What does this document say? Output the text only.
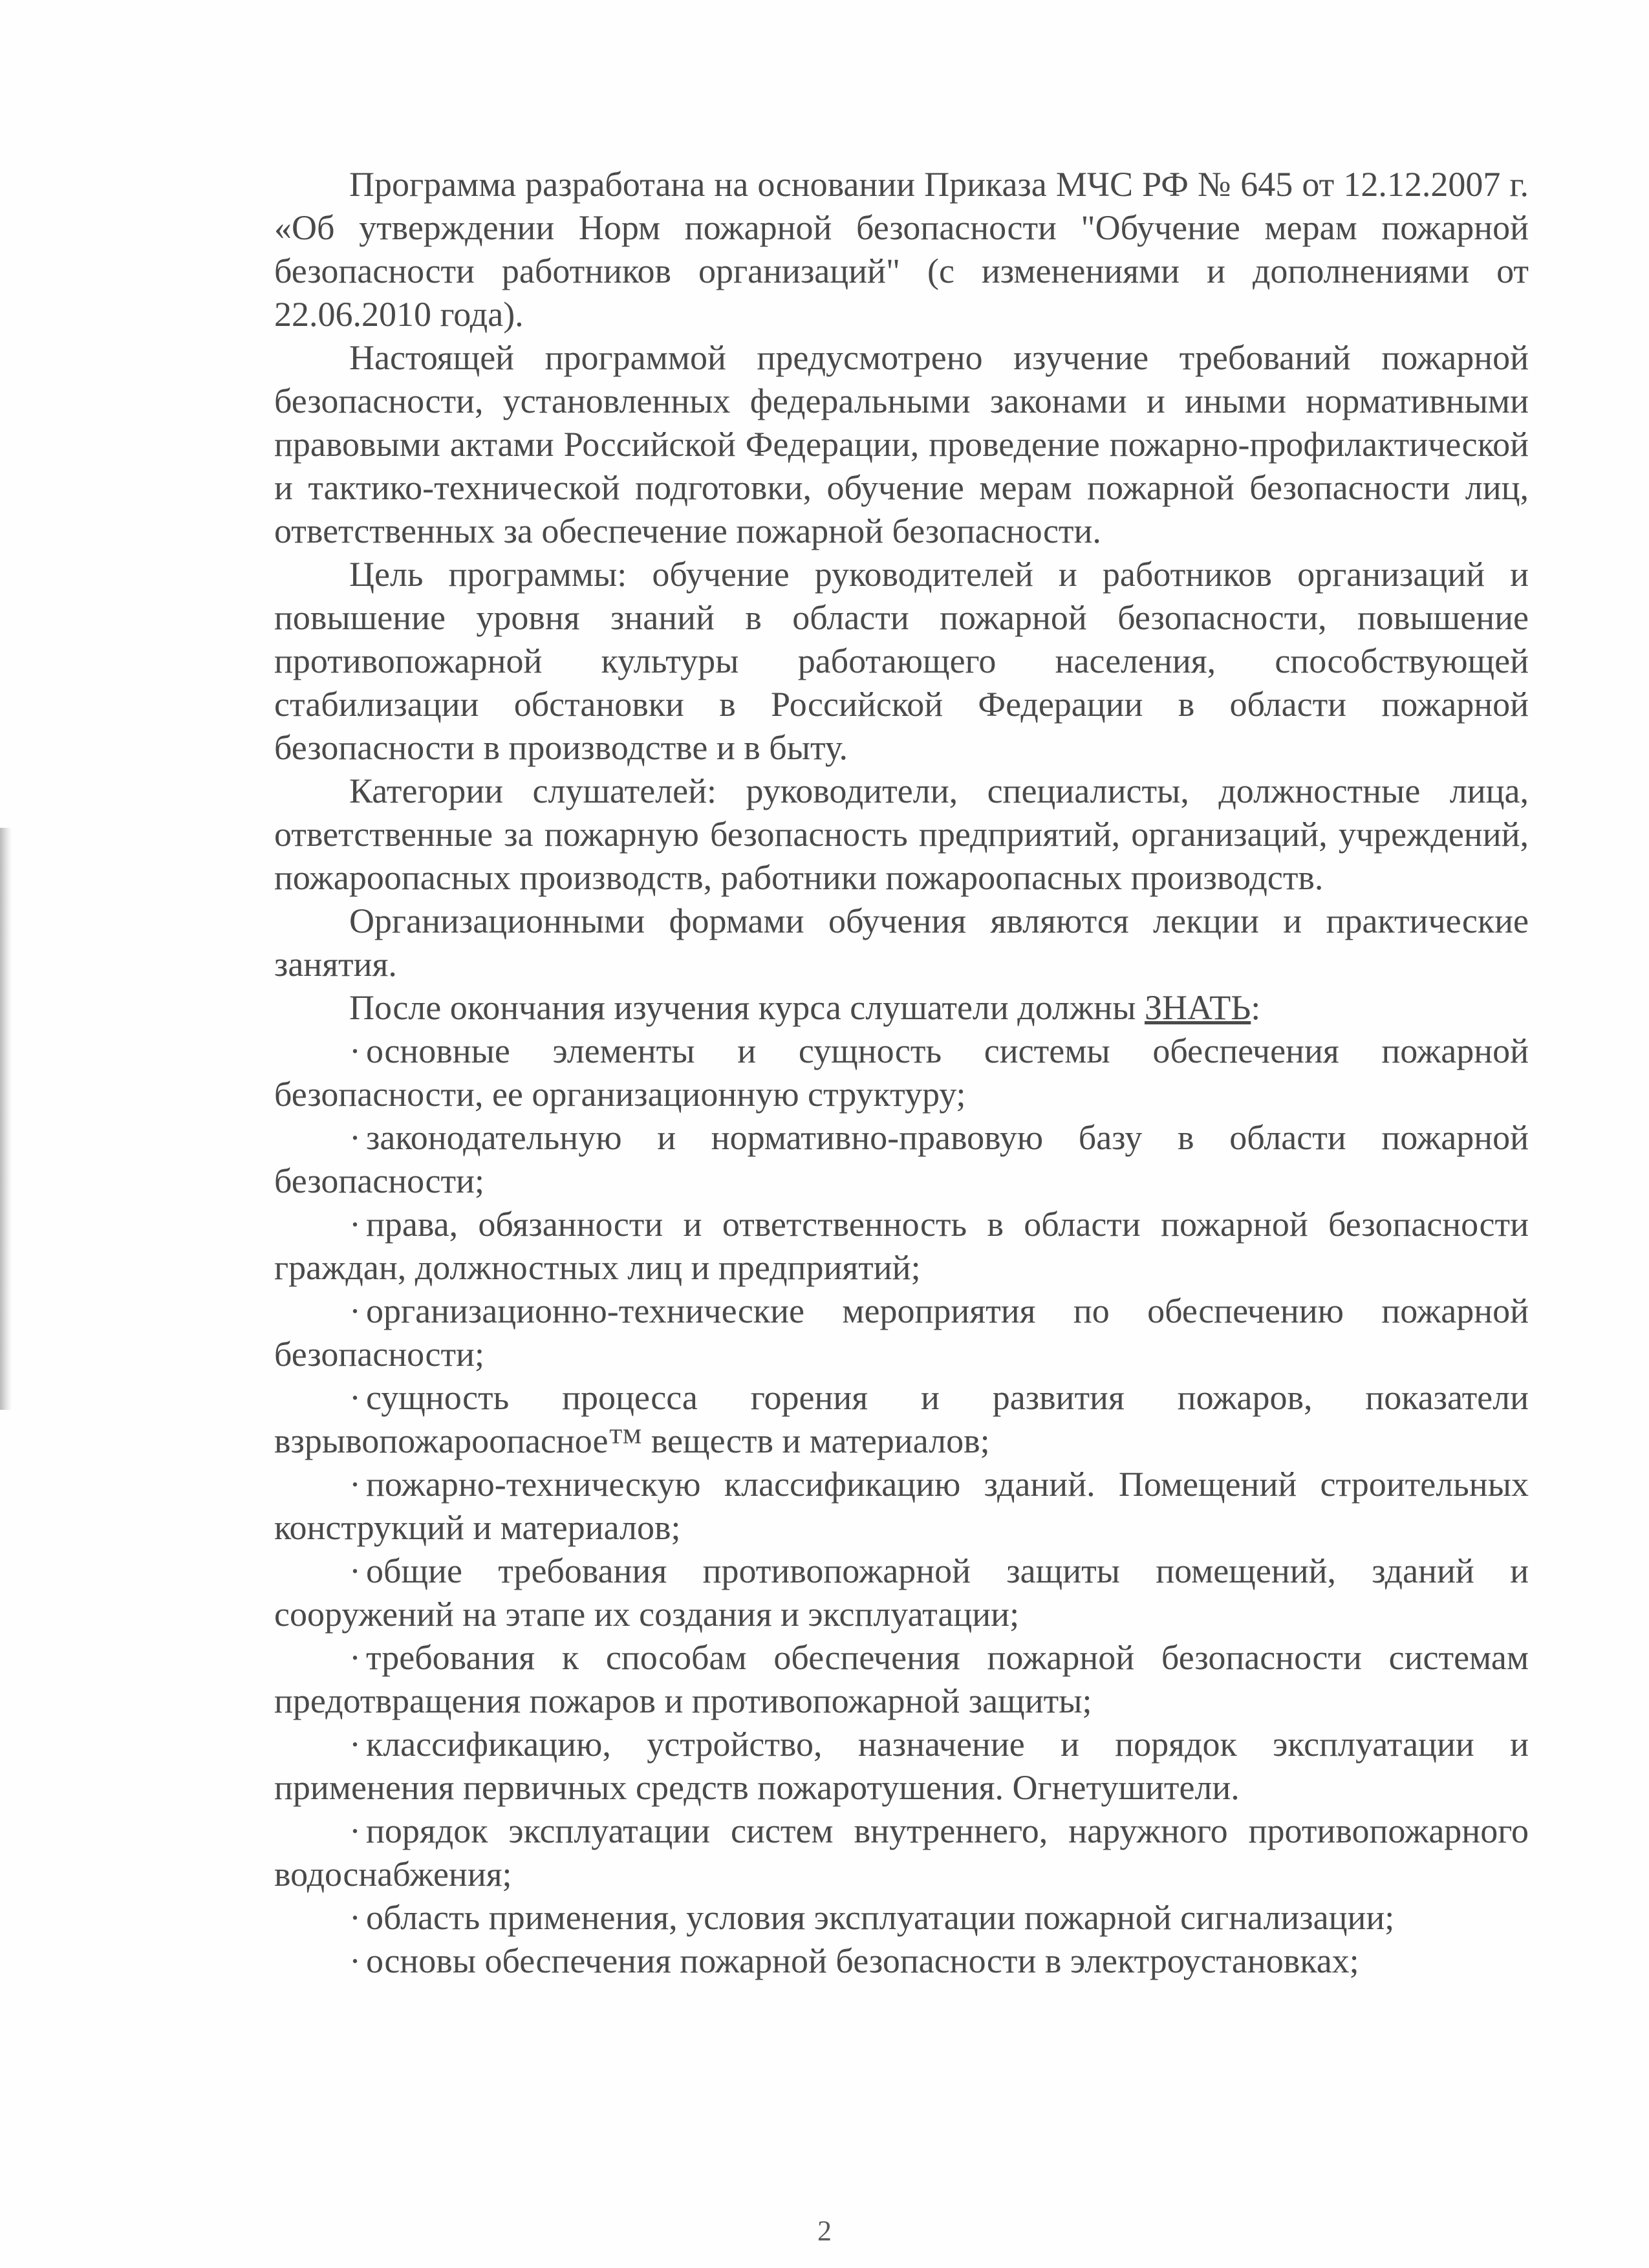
Программа разработана на основании Приказа МЧС РФ № 645 от 12.12.2007 г. «Об утверждении Норм пожарной безопасности "Обучение мерам пожарной безопасности работников организаций" (с изменениями и дополнениями от 22.06.2010 года).

Настоящей программой предусмотрено изучение требований пожарной безопасности, установленных федеральными законами и иными нормативными правовыми актами Российской Федерации, проведение пожарно-профилактической и тактико-технической подготовки, обучение мерам пожарной безопасности лиц, ответственных за обеспечение пожарной безопасности.

Цель программы: обучение руководителей и работников организаций и повышение уровня знаний в области пожарной безопасности, повышение противопожарной культуры работающего населения, способствующей стабилизации обстановки в Российской Федерации в области пожарной безопасности в производстве и в быту.

Категории слушателей: руководители, специалисты, должностные лица, ответственные за пожарную безопасность предприятий, организаций, учреждений, пожароопасных производств, работники пожароопасных производств.

Организационными формами обучения являются лекции и практические занятия.

После окончания изучения курса слушатели должны ЗНАТЬ:

· основные элементы и сущность системы обеспечения пожарной безопасности, ее организационную структуру;

· законодательную и нормативно-правовую базу в области пожарной безопасности;

· права, обязанности и ответственность в области пожарной безопасности граждан, должностных лиц и предприятий;

· организационно-технические мероприятия по обеспечению пожарной безопасности;

· сущность процесса горения и развития пожаров, показатели взрывопожароопасное™ веществ и материалов;

· пожарно-техническую классификацию зданий. Помещений строительных конструкций и материалов;

· общие требования противопожарной защиты помещений, зданий и сооружений на этапе их создания и эксплуатации;

· требования к способам обеспечения пожарной безопасности системам предотвращения пожаров и противопожарной защиты;

· классификацию, устройство, назначение и порядок эксплуатации и применения первичных средств пожаротушения. Огнетушители.

· порядок эксплуатации систем внутреннего, наружного противопожарного водоснабжения;

· область применения, условия эксплуатации пожарной сигнализации;

· основы обеспечения пожарной безопасности в электроустановках;

2
